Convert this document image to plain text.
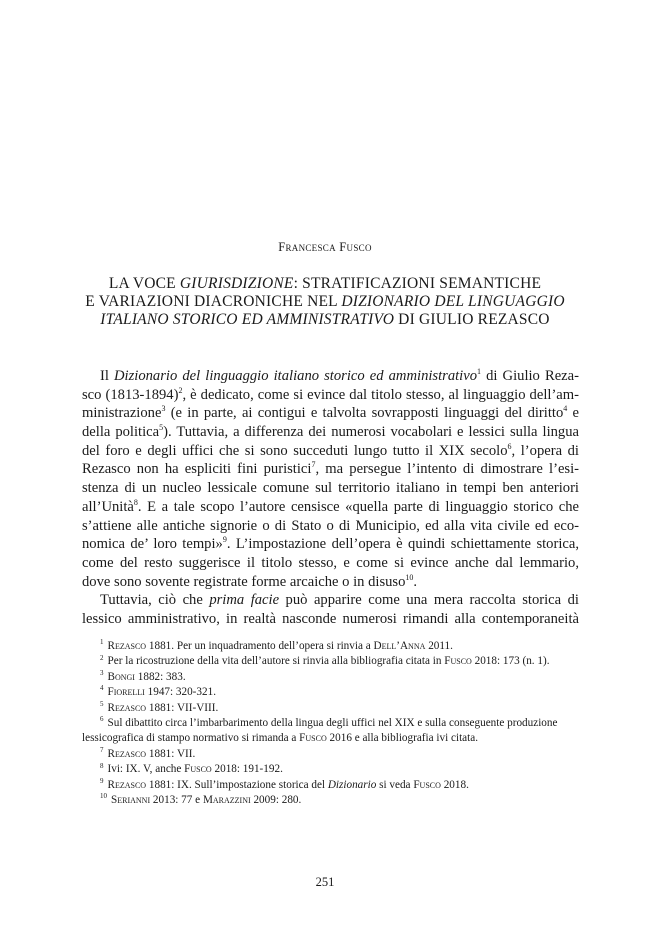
Francesca Fusco
LA VOCE GIURISDIZIONE: STRATIFICAZIONI SEMANTICHE
E VARIAZIONI DIACRONICHE NEL DIZIONARIO DEL LINGUAGGIO
ITALIANO STORICO ED AMMINISTRATIVO DI GIULIO REZASCO
Il Dizionario del linguaggio italiano storico ed amministrativo$^1$ di Giulio Reza-
sco (1813-1894)$^2$, è dedicato, come si evince dal titolo stesso, al linguaggio dell’am-
ministrazione$^3$ (e in parte, ai contigui e talvolta sovrapposti linguaggi del diritto$^4$ e
della politica$^5$). Tuttavia, a differenza dei numerosi vocabolari e lessici sulla lingua
del foro e degli uffici che si sono succeduti lungo tutto il XIX secolo$^6$, l’opera di
Rezasco non ha espliciti fini puristici$^7$, ma persegue l’intento di dimostrare l’esi-
stenza di un nucleo lessicale comune sul territorio italiano in tempi ben anteriori
all’Unità$^8$. E a tale scopo l’autore censisce «quella parte di linguaggio storico che
s’attiene alle antiche signorie o di Stato o di Municipio, ed alla vita civile ed eco-
nomica de’ loro tempi»$^9$. L’impostazione dell’opera è quindi schiettamente storica,
come del resto suggerisce il titolo stesso, e come si evince anche dal lemmario,
dove sono sovente registrate forme arcaiche o in disuso$^{10}$.
Tuttavia, ciò che prima facie può apparire come una mera raccolta storica di
lessico amministrativo, in realtà nasconde numerosi rimandi alla contemporaneità
$^1$ Rezasco 1881. Per un inquadramento dell’opera si rinvia a Dell’Anna 2011.
$^2$ Per la ricostruzione della vita dell’autore si rinvia alla bibliografia citata in Fusco 2018: 173 (n. 1).
$^3$ Bongi 1882: 383.
$^4$ Fiorelli 1947: 320-321.
$^5$ Rezasco 1881: VII-VIII.
$^6$ Sul dibattito circa l’imbarbarimento della lingua degli uffici nel XIX e sulla conseguente produzione lessicografica di stampo normativo si rimanda a Fusco 2016 e alla bibliografia ivi citata.
$^7$ Rezasco 1881: VII.
$^8$ Ivi: IX. V, anche Fusco 2018: 191-192.
$^9$ Rezasco 1881: IX. Sull’impostazione storica del Dizionario si veda Fusco 2018.
$^{10}$ Serianni 2013: 77 e Marazzini 2009: 280.
251
